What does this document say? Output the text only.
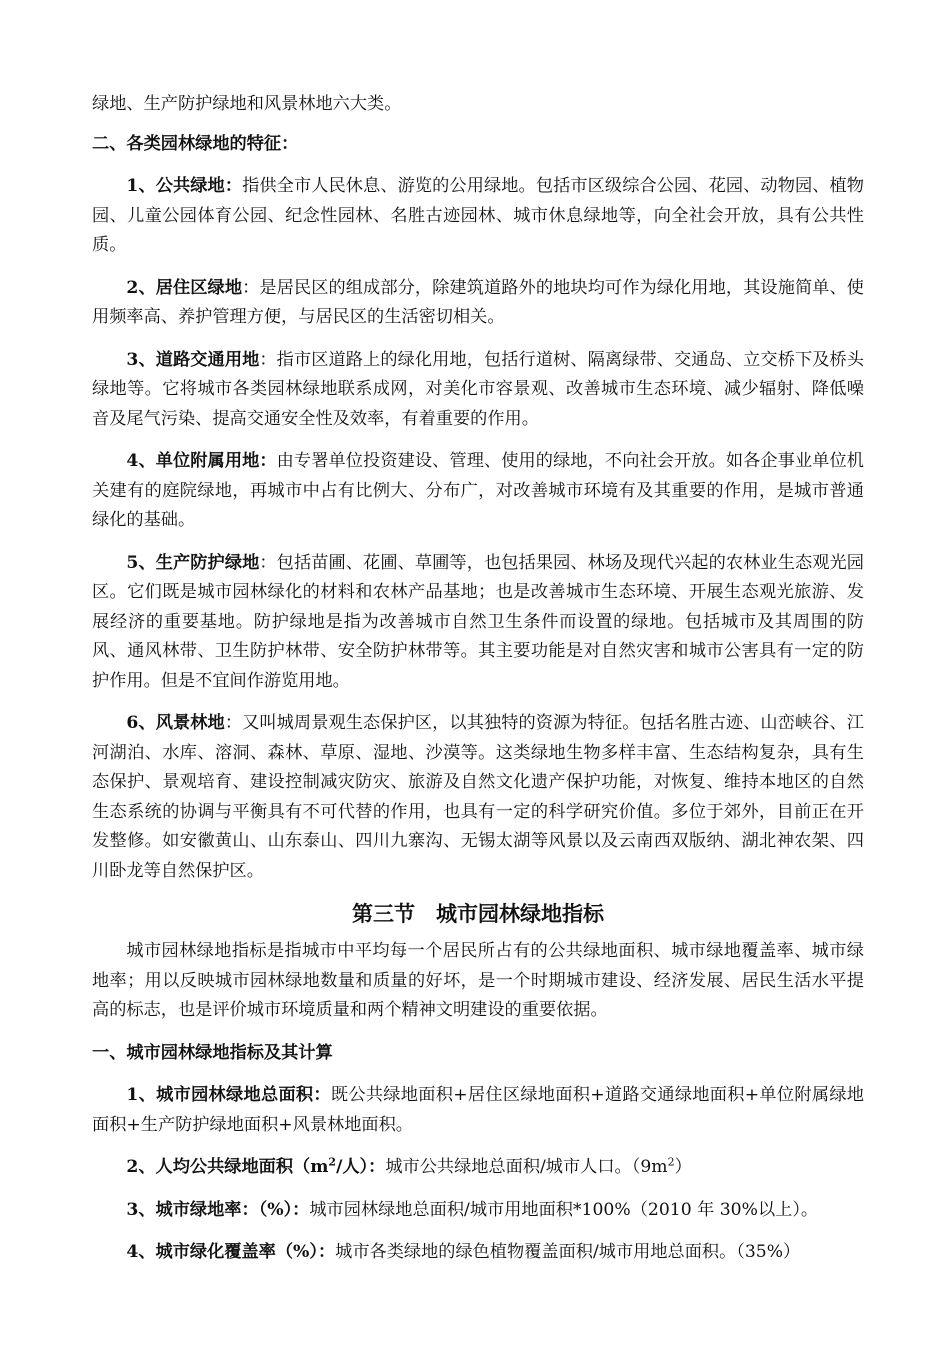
绿地、生产防护绿地和风景林地六大类。

二、各类园林绿地的特征：

1、公共绿地：指供全市人民休息、游览的公用绿地。包括市区级综合公园、花园、动物园、植物园、儿童公园体育公园、纪念性园林、名胜古迹园林、城市休息绿地等，向全社会开放，具有公共性质。

2、居住区绿地：是居民区的组成部分，除建筑道路外的地块均可作为绿化用地，其设施简单、使用频率高、养护管理方便，与居民区的生活密切相关。

3、道路交通用地：指市区道路上的绿化用地，包括行道树、隔离绿带、交通岛、立交桥下及桥头绿地等。它将城市各类园林绿地联系成网，对美化市容景观、改善城市生态环境、减少辐射、降低噪音及尾气污染、提高交通安全性及效率，有着重要的作用。

4、单位附属用地：由专署单位投资建设、管理、使用的绿地，不向社会开放。如各企事业单位机关建有的庭院绿地，再城市中占有比例大、分布广，对改善城市环境有及其重要的作用，是城市普通绿化的基础。

5、生产防护绿地：包括苗圃、花圃、草圃等，也包括果园、林场及现代兴起的农林业生态观光园区。它们既是城市园林绿化的材料和农林产品基地；也是改善城市生态环境、开展生态观光旅游、发展经济的重要基地。防护绿地是指为改善城市自然卫生条件而设置的绿地。包括城市及其周围的防风、通风林带、卫生防护林带、安全防护林带等。其主要功能是对自然灾害和城市公害具有一定的防护作用。但是不宜间作游览用地。

6、风景林地：又叫城周景观生态保护区，以其独特的资源为特征。包括名胜古迹、山峦峡谷、江河湖泊、水库、溶洞、森林、草原、湿地、沙漠等。这类绿地生物多样丰富、生态结构复杂，具有生态保护、景观培育、建设控制减灾防灾、旅游及自然文化遗产保护功能，对恢复、维持本地区的自然生态系统的协调与平衡具有不可代替的作用，也具有一定的科学研究价值。多位于郊外，目前正在开发整修。如安徽黄山、山东泰山、四川九寨沟、无锡太湖等风景以及云南西双版纳、湖北神农架、四川卧龙等自然保护区。

第三节　城市园林绿地指标

城市园林绿地指标是指城市中平均每一个居民所占有的公共绿地面积、城市绿地覆盖率、城市绿地率；用以反映城市园林绿地数量和质量的好坏，是一个时期城市建设、经济发展、居民生活水平提高的标志，也是评价城市环境质量和两个精神文明建设的重要依据。

一、城市园林绿地指标及其计算

1、城市园林绿地总面积：既公共绿地面积+居住区绿地面积+道路交通绿地面积+单位附属绿地面积+生产防护绿地面积+风景林地面积。

2、人均公共绿地面积（$m^2/$人）：城市公共绿地总面积/城市人口。$(9m^2)$

3、城市绿地率：（%）：城市园林绿地总面积/城市用地面积*100%（2010 年 30%以上）。

4、城市绿化覆盖率（%）：城市各类绿地的绿色植物覆盖面积/城市用地总面积。（35%）
